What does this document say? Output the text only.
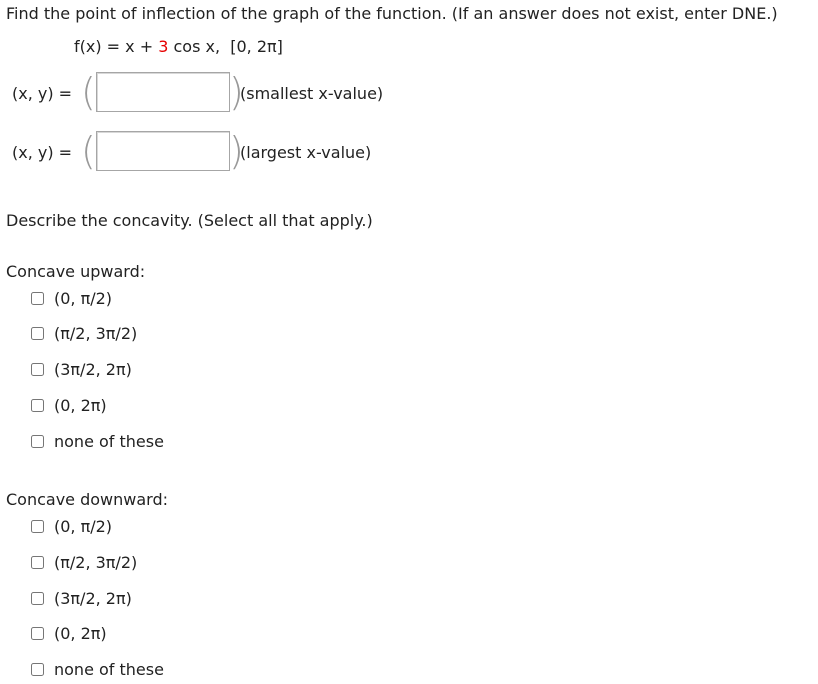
Find the point of inflection of the graph of the function. (If an answer does not exist, enter DNE.)
f(x) = x + 3 cos x, [0, 2π]
(x, y) = (	)
(smallest x-value)
(x, y) = (	)
(largest x-value)
Describe the concavity. (Select all that apply.)
Concave upward:
(0, π/2)
(π/2, 3π/2)
(3π/2, 2π)
(0, 2π)
none of these
Concave downward:
(0, π/2)
(π/2, 3π/2)
(3π/2, 2π)
(0, 2π)
none of these
